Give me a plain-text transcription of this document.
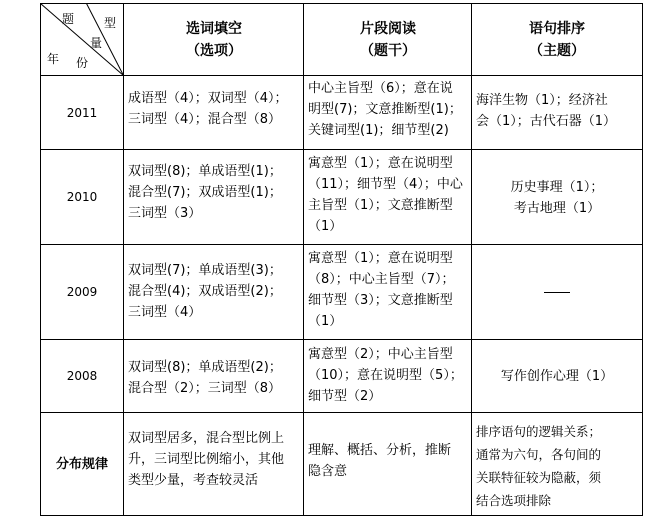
题 型
量
年 份
选词填空
（选项）
片段阅读
（题干）
语句排序
（主题）
2011
成语型（4）；双词型（4）；
三词型（4）；混合型（8）
中心主旨型（6）；意在说
明型(7)；文意推断型(1)；
关键词型(1)；细节型(2)
海洋生物（1）；经济社
会（1）；古代石器（1）
2010
双词型(8)；单成语型(1)；
混合型(7)；双成语型(1)；
三词型（3）
寓意型（1）；意在说明型
（11）；细节型（4）；中心
主旨型（1）；文意推断型
（1）
历史事理（1）；
考古地理（1）
2009
双词型(7)；单成语型(3)；
混合型(4)；双成语型(2)；
三词型（4）
寓意型（1）；意在说明型
（8）；中心主旨型（7）；
细节型（3）；文意推断型
（1）
2008
双词型(8)；单成语型(2)；
混合型（2）；三词型（8）
寓意型（2）；中心主旨型
（10）；意在说明型（5）；
细节型（2）
写作创作心理（1）
分布规律
双词型居多，混合型比例上
升，三词型比例缩小，其他
类型少量，考查较灵活
理解、概括、分析，推断
隐含意
排序语句的逻辑关系；
通常为六句，各句间的
关联特征较为隐蔽，须
结合选项排除
